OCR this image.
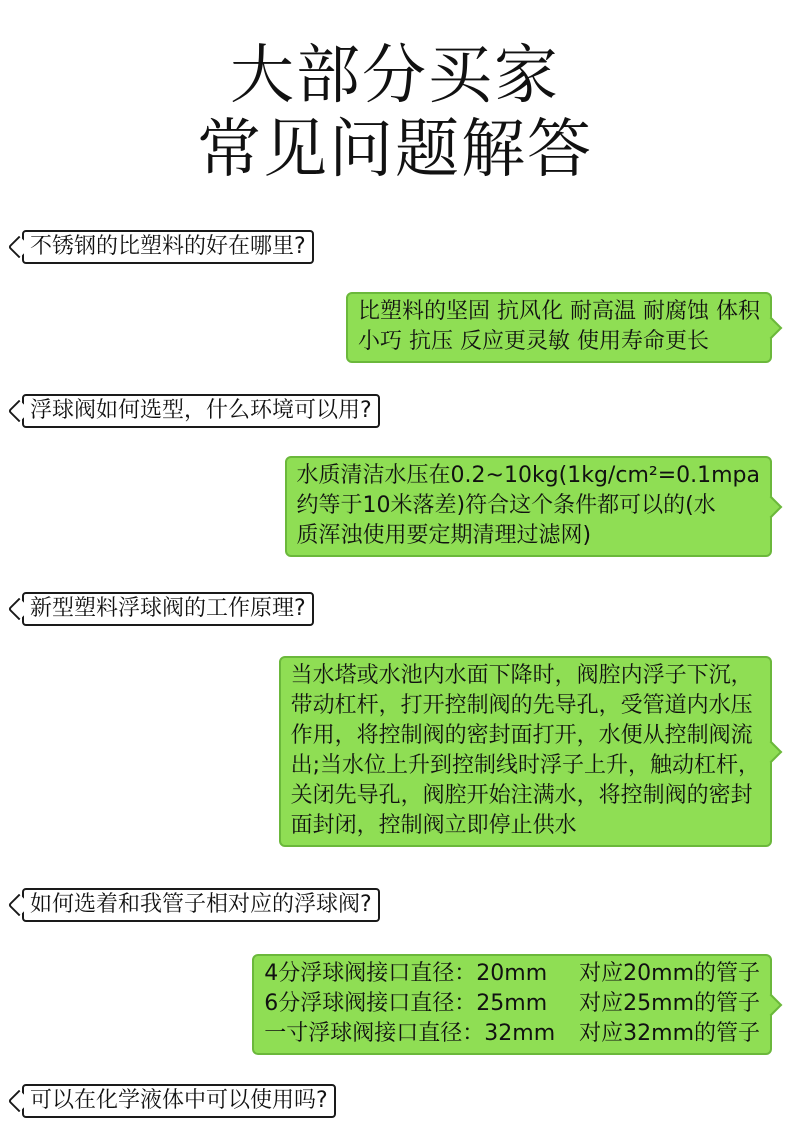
大部分买家
常见问题解答
不锈钢的比塑料的好在哪里?
比塑料的坚固 抗风化 耐高温 耐腐蚀 体积
小巧 抗压 反应更灵敏 使用寿命更长
浮球阀如何选型，什么环境可以用?
水质清洁水压在0.2~10kg(1kg/cm²=0.1mpa
约等于10米落差)符合这个条件都可以的(水
质浑浊使用要定期清理过滤网)
新型塑料浮球阀的工作原理?
当水塔或水池内水面下降时，阀腔内浮子下沉，
带动杠杆，打开控制阀的先导孔，受管道内水压
作用，将控制阀的密封面打开，水便从控制阀流
出;当水位上升到控制线时浮子上升，触动杠杆，
关闭先导孔，阀腔开始注满水，将控制阀的密封
面封闭，控制阀立即停止供水
如何选着和我管子相对应的浮球阀?
4分浮球阀接口直径：20mm	对应20mm的管子
6分浮球阀接口直径：25mm	对应25mm的管子
一寸浮球阀接口直径：32mm 对应32mm的管子
可以在化学液体中可以使用吗?
